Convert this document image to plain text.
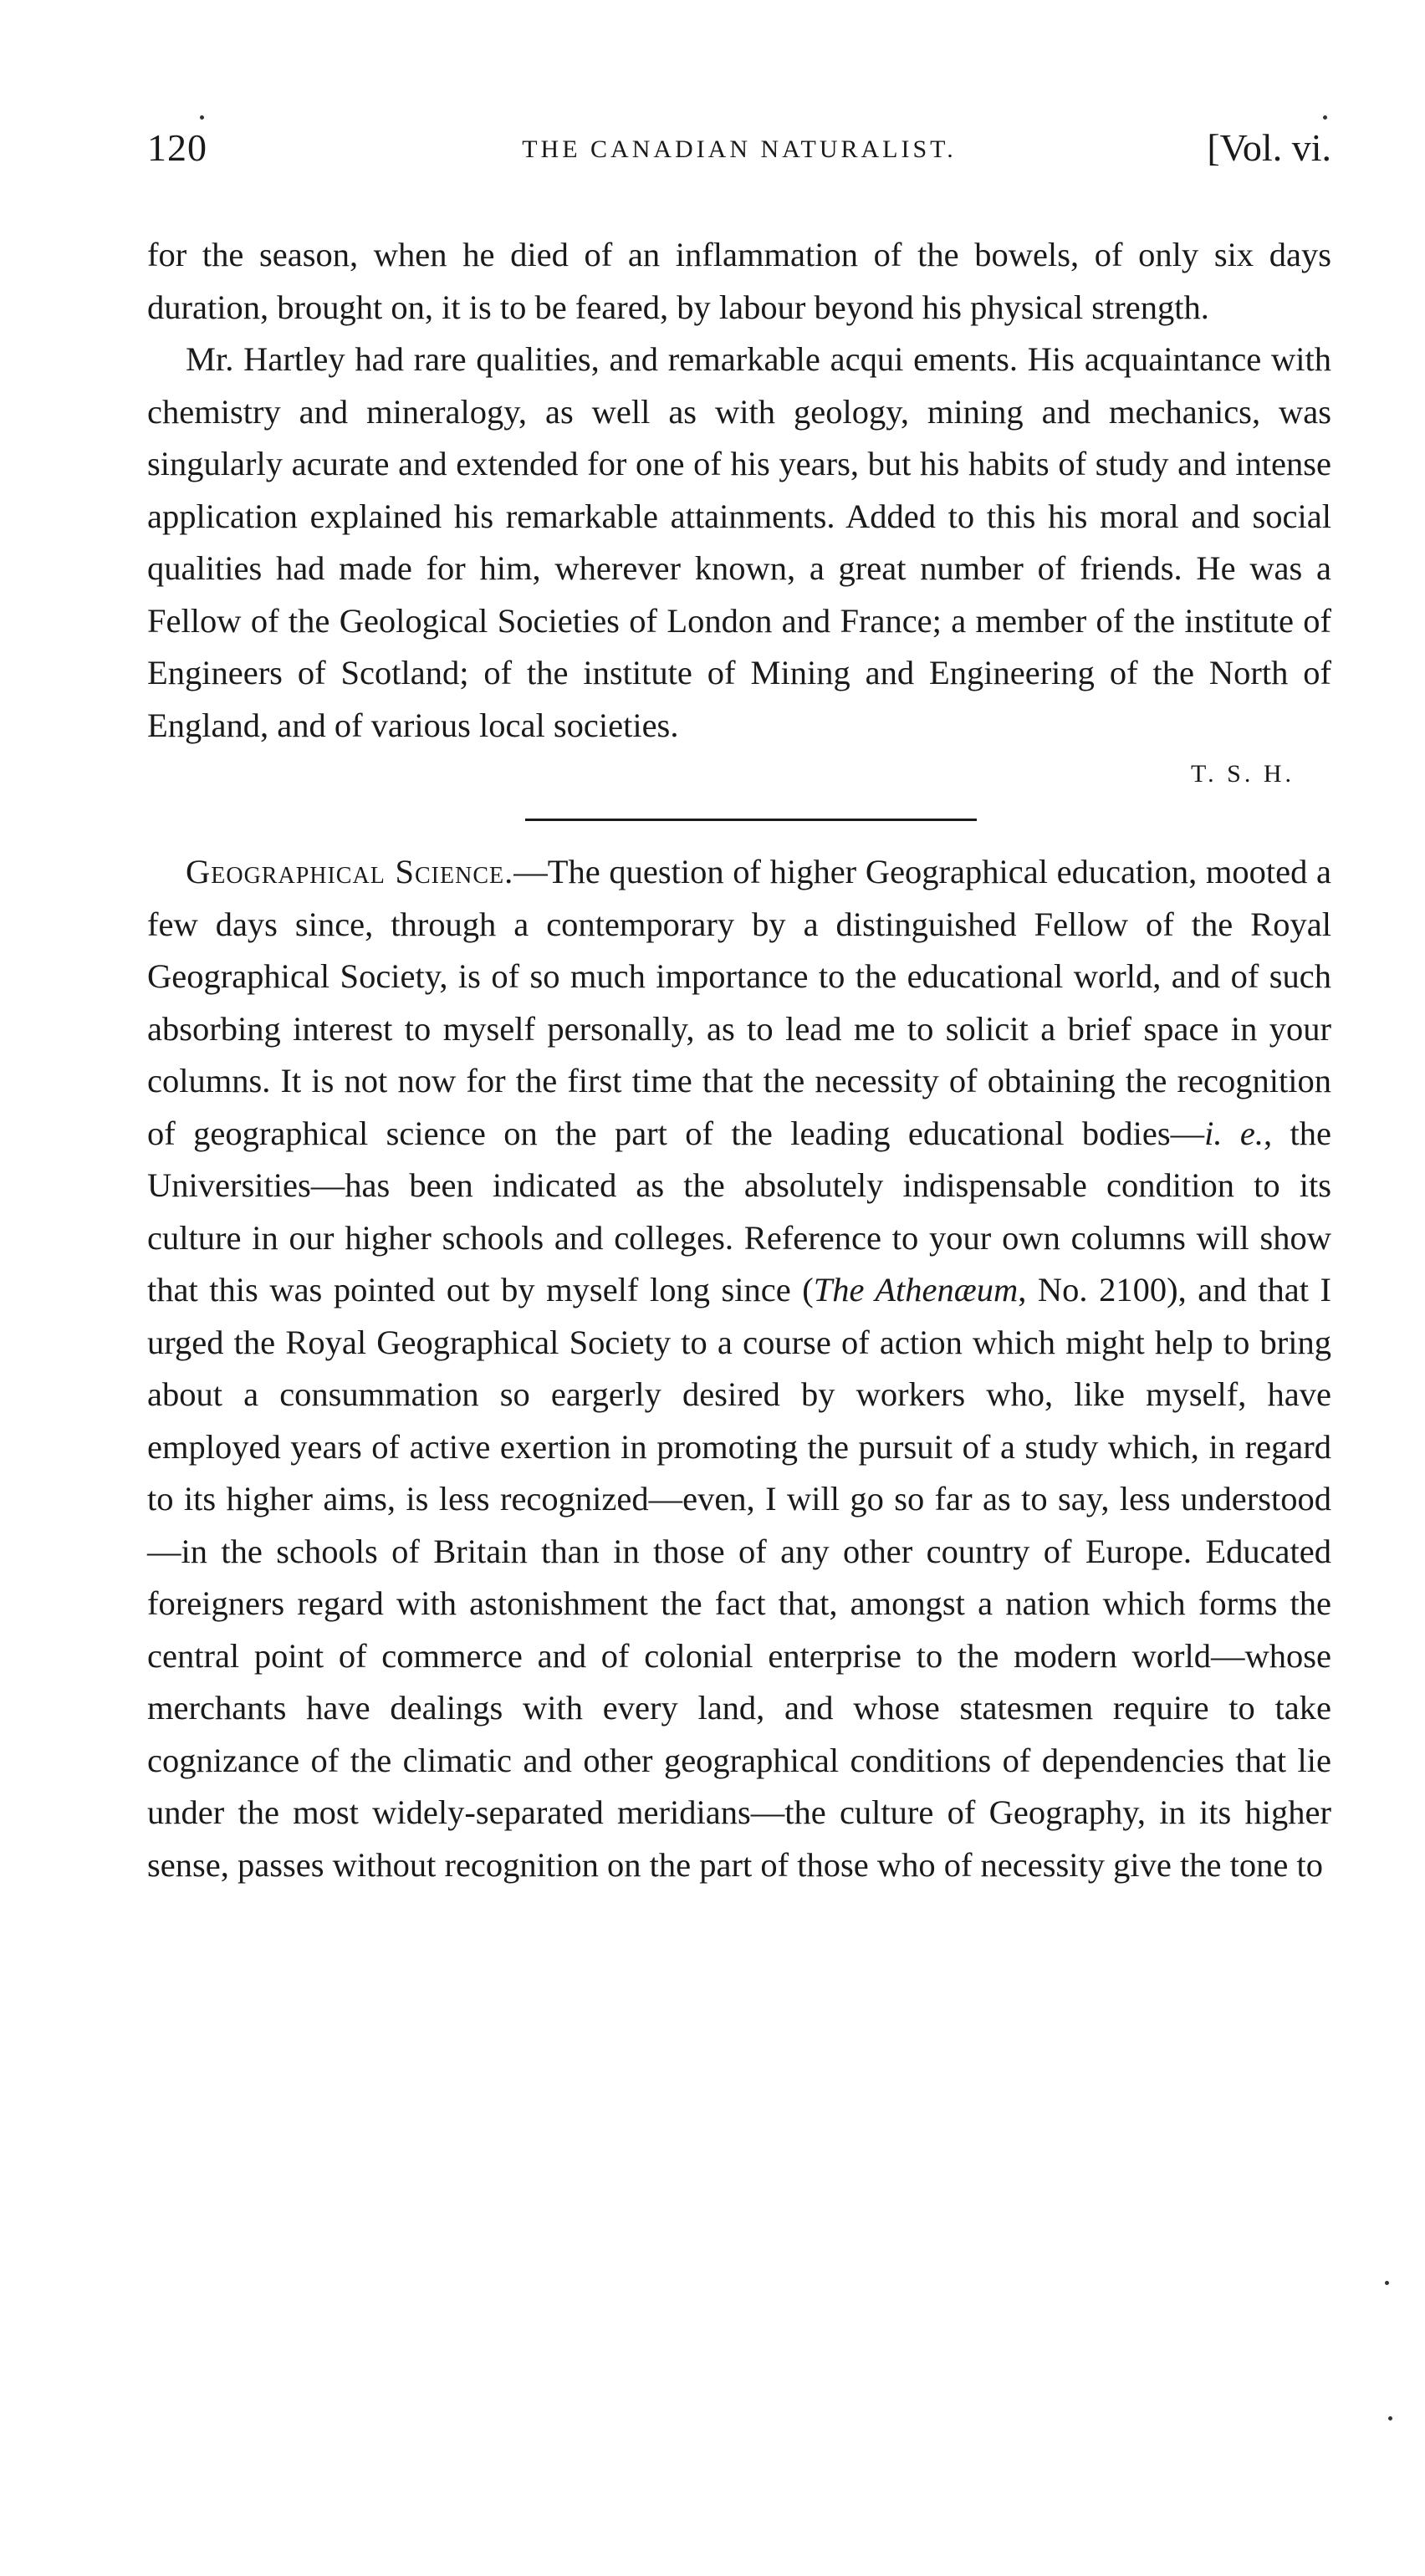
120	THE CANADIAN NATURALIST.	[Vol. vi.

for the season, when he died of an inflammation of the bowels, of only six days duration, brought on, it is to be feared, by labour beyond his physical strength.

Mr. Hartley had rare qualities, and remarkable acqui ements. His acquaintance with chemistry and mineralogy, as well as with geology, mining and mechanics, was singularly acurate and extended for one of his years, but his habits of study and intense application explained his remarkable attainments. Added to this his moral and social qualities had made for him, wherever known, a great number of friends. He was a Fellow of the Geological Societies of London and France; a member of the institute of Engineers of Scotland; of the institute of Mining and Engineering of the North of England, and of various local societies.

T. S. H.

Geographical Science.—The question of higher Geographical education, mooted a few days since, through a contemporary by a distinguished Fellow of the Royal Geographical Society, is of so much importance to the educational world, and of such absorbing interest to myself personally, as to lead me to solicit a brief space in your columns. It is not now for the first time that the necessity of obtaining the recognition of geographical science on the part of the leading educational bodies—i. e., the Universities—has been indicated as the absolutely indispensable condition to its culture in our higher schools and colleges. Reference to your own columns will show that this was pointed out by myself long since (The Athenæum, No. 2100), and that I urged the Royal Geographical Society to a course of action which might help to bring about a consummation so eargerly desired by workers who, like myself, have employed years of active exertion in promoting the pursuit of a study which, in regard to its higher aims, is less recognized—even, I will go so far as to say, less understood—in the schools of Britain than in those of any other country of Europe. Educated foreigners regard with astonishment the fact that, amongst a nation which forms the central point of commerce and of colonial enterprise to the modern world—whose merchants have dealings with every land, and whose statesmen require to take cognizance of the climatic and other geographical conditions of dependencies that lie under the most widely-separated meridians—the culture of Geography, in its higher sense, passes without recognition on the part of those who of necessity give the tone to
